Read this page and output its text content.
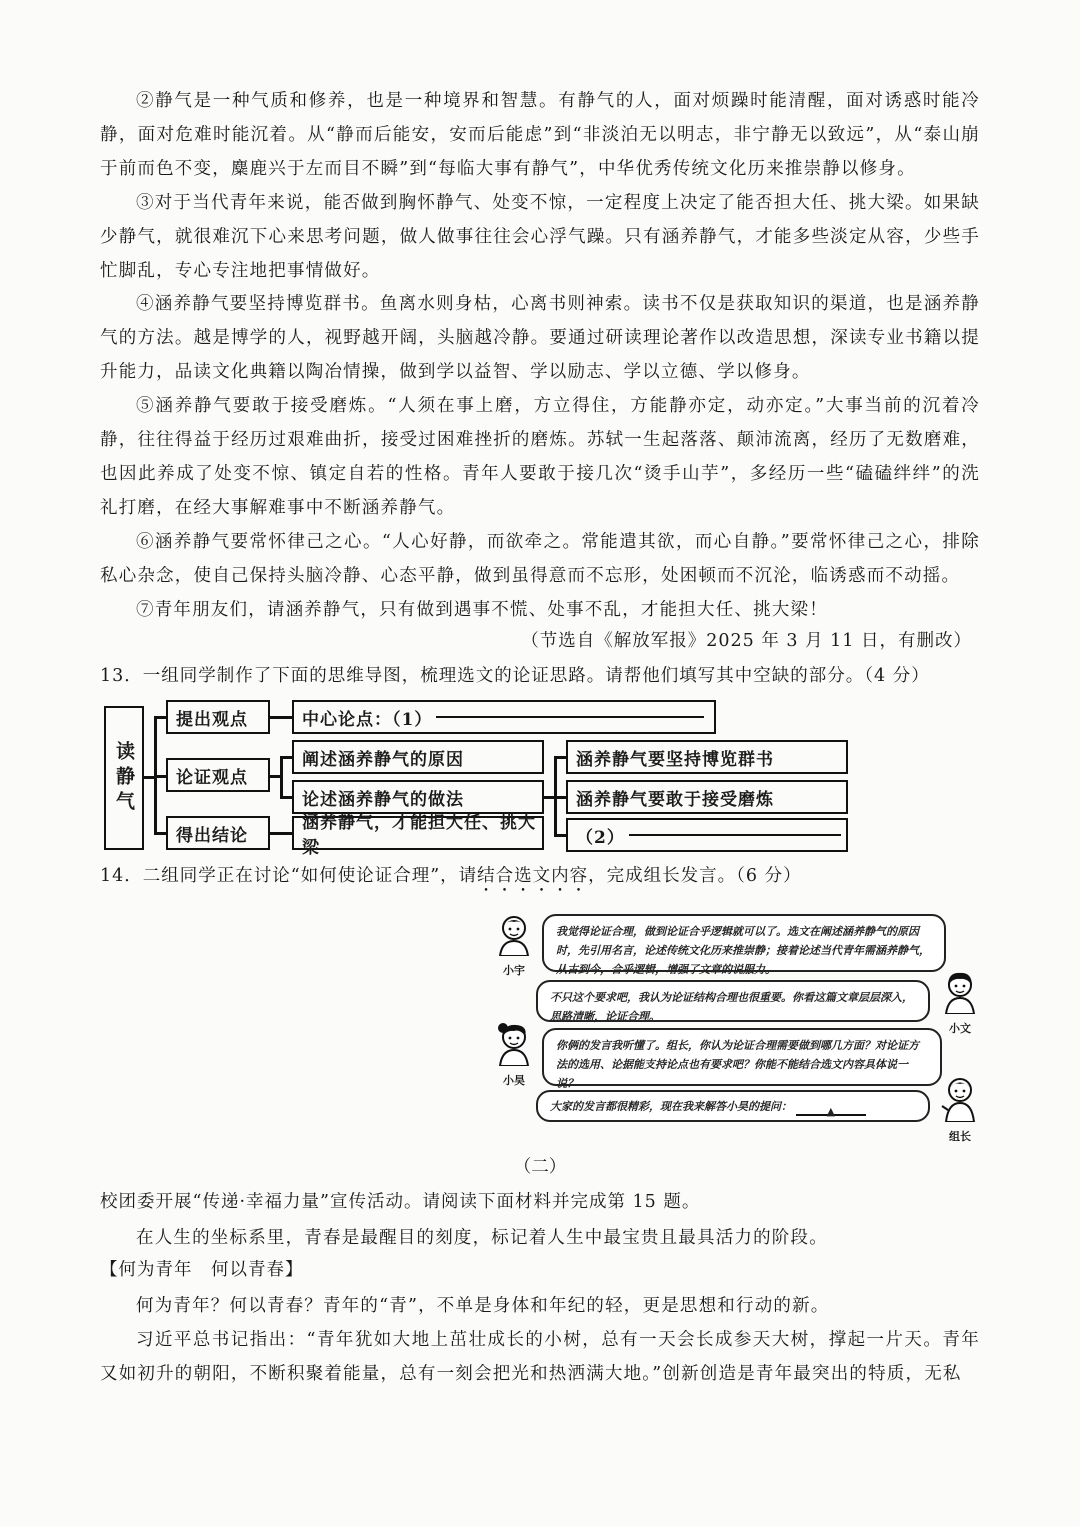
②静气是一种气质和修养，也是一种境界和智慧。有静气的人，面对烦躁时能清醒，面对诱惑时能冷静，面对危难时能沉着。从“静而后能安，安而后能虑”到“非淡泊无以明志，非宁静无以致远”，从“泰山崩于前而色不变，麋鹿兴于左而目不瞬”到“每临大事有静气”，中华优秀传统文化历来推崇静以修身。
③对于当代青年来说，能否做到胸怀静气、处变不惊，一定程度上决定了能否担大任、挑大梁。如果缺少静气，就很难沉下心来思考问题，做人做事往往会心浮气躁。只有涵养静气，才能多些淡定从容，少些手忙脚乱，专心专注地把事情做好。
④涵养静气要坚持博览群书。鱼离水则身枯，心离书则神索。读书不仅是获取知识的渠道，也是涵养静气的方法。越是博学的人，视野越开阔，头脑越冷静。要通过研读理论著作以改造思想，深读专业书籍以提升能力，品读文化典籍以陶冶情操，做到学以益智、学以励志、学以立德、学以修身。
⑤涵养静气要敢于接受磨炼。“人须在事上磨，方立得住，方能静亦定，动亦定。”大事当前的沉着冷静，往往得益于经历过艰难曲折，接受过困难挫折的磨炼。苏轼一生起落落、颠沛流离，经历了无数磨难，也因此养成了处变不惊、镇定自若的性格。青年人要敢于接几次“烫手山芋”，多经历一些“磕磕绊绊”的洗礼打磨，在经大事解难事中不断涵养静气。
⑥涵养静气要常怀律己之心。“人心好静，而欲牵之。常能遣其欲，而心自静。”要常怀律己之心，排除私心杂念，使自己保持头脑冷静、心态平静，做到虽得意而不忘形，处困顿而不沉沦，临诱惑而不动摇。
⑦青年朋友们，请涵养静气，只有做到遇事不慌、处事不乱，才能担大任、挑大梁！
（节选自《解放军报》2025 年 3 月 11 日，有删改）
13．一组同学制作了下面的思维导图，梳理选文的论证思路。请帮他们填写其中空缺的部分。（4 分）
读静气
提出观点
论证观点
得出结论
中心论点：（1）
阐述涵养静气的原因
论述涵养静气的做法
涵养静气，才能担大任、挑大梁
涵养静气要坚持博览群书
涵养静气要敢于接受磨炼
（2）
14．二组同学正在讨论“如何使论证合理”，请结合选文内容，完成组长发言。（6 分）
小宇
我觉得论证合理，做到论证合乎逻辑就可以了。选文在阐述涵养静气的原因时，先引用名言，论述传统文化历来推崇静；接着论述当代青年需涵养静气，从古到今，合乎逻辑，增强了文章的说服力。
不只这个要求吧，我认为论证结构合理也很重要。你看这篇文章层层深入，思路清晰，论证合理。
小文
小昊
你俩的发言我听懂了。组长，你认为论证合理需要做到哪几方面？对论证方法的选用、论据能支持论点也有要求吧？你能不能结合选文内容具体说一说？
大家的发言都很精彩，现在我来解答小昊的提问：	▲
组长
（二）
校团委开展“传递·幸福力量”宣传活动。请阅读下面材料并完成第 15 题。
在人生的坐标系里，青春是最醒目的刻度，标记着人生中最宝贵且最具活力的阶段。
【何为青年　何以青春】
何为青年？何以青春？青年的“青”，不单是身体和年纪的轻，更是思想和行动的新。
习近平总书记指出：“青年犹如大地上茁壮成长的小树，总有一天会长成参天大树，撑起一片天。青年又如初升的朝阳，不断积聚着能量，总有一刻会把光和热洒满大地。”创新创造是青年最突出的特质，无私
